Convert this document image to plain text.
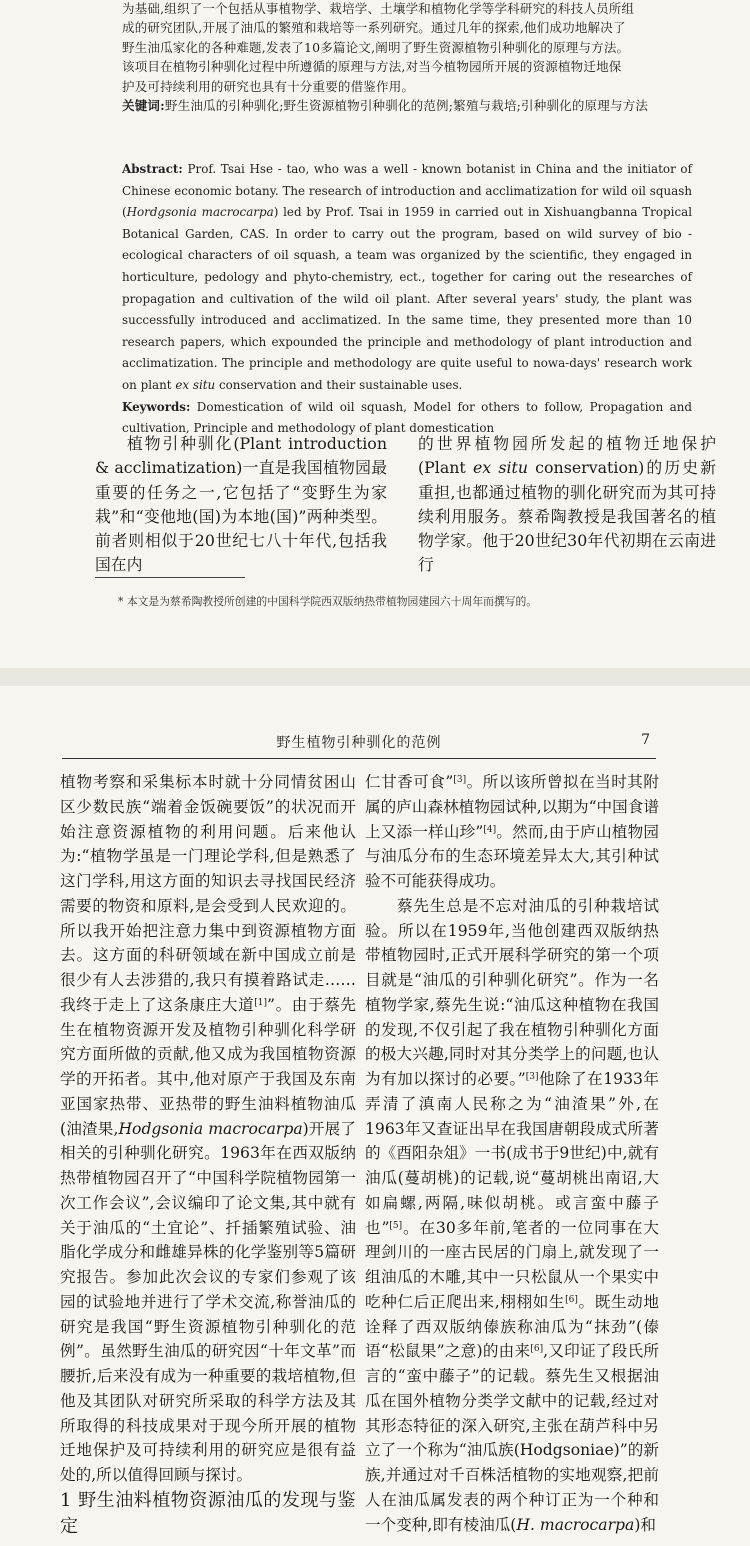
为基础,组织了一个包括从事植物学、栽培学、土壤学和植物化学等学科研究的科技人员所组

成的研究团队,开展了油瓜的繁殖和栽培等一系列研究。通过几年的探索,他们成功地解决了

野生油瓜家化的各种难题,发表了10多篇论文,阐明了野生资源植物引种驯化的原理与方法。

该项目在植物引种驯化过程中所遵循的原理与方法,对当今植物园所开展的资源植物迁地保

护及可持续利用的研究也具有十分重要的借鉴作用。

关键词:野生油瓜的引种驯化;野生资源植物引种驯化的范例;繁殖与栽培;引种驯化的原理与方法

Abstract: Prof. Tsai Hse - tao, who was a well - known botanist in China and the initiator of Chinese economic botany. The research of introduction and acclimatization for wild oil squash (Hordgsonia macrocarpa) led by Prof. Tsai in 1959 in carried out in Xishuangbanna Tropical Botanical Garden, CAS. In order to carry out the program, based on wild survey of bio - ecological characters of oil squash, a team was organized by the scientific, they engaged in horticulture, pedology and phyto-chemistry, ect., together for caring out the researches of propagation and cultivation of the wild oil plant. After several years' study, the plant was successfully introduced and acclimatized. In the same time, they presented more than 10 research papers, which expounded the principle and methodology of plant introduction and acclimatization. The principle and methodology are quite useful to nowa-days' research work on plant ex situ conservation and their sustainable uses.
Keywords: Domestication of wild oil squash, Model for others to follow, Propagation and cultivation, Principle and methodology of plant domestication

植物引种驯化(Plant introduction & acclimatization)一直是我国植物园最重要的任务之一,它包括了“变野生为家栽”和“变他地(国)为本地(国)”两种类型。前者则相似于20世纪七八十年代,包括我国在内

的世界植物园所发起的植物迁地保护(Plant ex situ conservation)的历史新重担,也都通过植物的驯化研究而为其可持续利用服务。蔡希陶教授是我国著名的植物学家。他于20世纪30年代初期在云南进行

* 本文是为蔡希陶教授所创建的中国科学院西双版纳热带植物园建园六十周年而撰写的。
野生植物引种驯化的范例	7

植物考察和采集标本时就十分同情贫困山区少数民族“端着金饭碗要饭”的状况而开始注意资源植物的利用问题。后来他认为:“植物学虽是一门理论学科,但是熟悉了这门学科,用这方面的知识去寻找国民经济需要的物资和原料,是会受到人民欢迎的。所以我开始把注意力集中到资源植物方面去。这方面的科研领域在新中国成立前是很少有人去涉猎的,我只有摸着路试走……我终于走上了这条康庄大道[1]”。由于蔡先生在植物资源开发及植物引种驯化科学研究方面所做的贡献,他又成为我国植物资源学的开拓者。其中,他对原产于我国及东南亚国家热带、亚热带的野生油料植物油瓜(油渣果,Hodgsonia macrocarpa)开展了相关的引种驯化研究。1963年在西双版纳热带植物园召开了“中国科学院植物园第一次工作会议”,会议编印了论文集,其中就有关于油瓜的“土宜论”、扦插繁殖试验、油脂化学成分和雌雄异株的化学鉴别等5篇研究报告。参加此次会议的专家们参观了该园的试验地并进行了学术交流,称誉油瓜的研究是我国“野生资源植物引种驯化的范例”。虽然野生油瓜的研究因“十年文革”而腰折,后来没有成为一种重要的栽培植物,但他及其团队对研究所采取的科学方法及其所取得的科技成果对于现今所开展的植物迁地保护及可持续利用的研究应是很有益处的,所以值得回顾与探讨。

1 野生油料植物资源油瓜的发现与鉴定

仁甘香可食”[3]。所以该所曾拟在当时其附属的庐山森林植物园试种,以期为“中国食谱上又添一样山珍”[4]。然而,由于庐山植物园与油瓜分布的生态环境差异太大,其引种试验不可能获得成功。

蔡先生总是不忘对油瓜的引种栽培试验。所以在1959年,当他创建西双版纳热带植物园时,正式开展科学研究的第一个项目就是“油瓜的引种驯化研究”。作为一名植物学家,蔡先生说:“油瓜这种植物在我国的发现,不仅引起了我在植物引种驯化方面的极大兴趣,同时对其分类学上的问题,也认为有加以探讨的必要。”[3]他除了在1933年弄清了滇南人民称之为“油渣果”外,在1963年又查证出早在我国唐朝段成式所著的《酉阳杂俎》一书(成书于9世纪)中,就有油瓜(蔓胡桃)的记载,说“蔓胡桃出南诏,大如扁螺,两隔,味似胡桃。或言蛮中藤子也”[5]。在30多年前,笔者的一位同事在大理剑川的一座古民居的门扇上,就发现了一组油瓜的木雕,其中一只松鼠从一个果实中吃种仁后正爬出来,栩栩如生[6]。既生动地诠释了西双版纳傣族称油瓜为“抹劲”(傣语“松鼠果”之意)的由来[6],又印证了段氏所言的“蛮中藤子”的记载。蔡先生又根据油瓜在国外植物分类学文献中的记载,经过对其形态特征的深入研究,主张在葫芦科中另立了一个称为“油瓜族(Hodgsoniae)”的新族,并通过对千百株活植物的实地观察,把前人在油瓜属发表的两个种订正为一个种和一个变种,即有棱油瓜(H. macrocarpa)和
